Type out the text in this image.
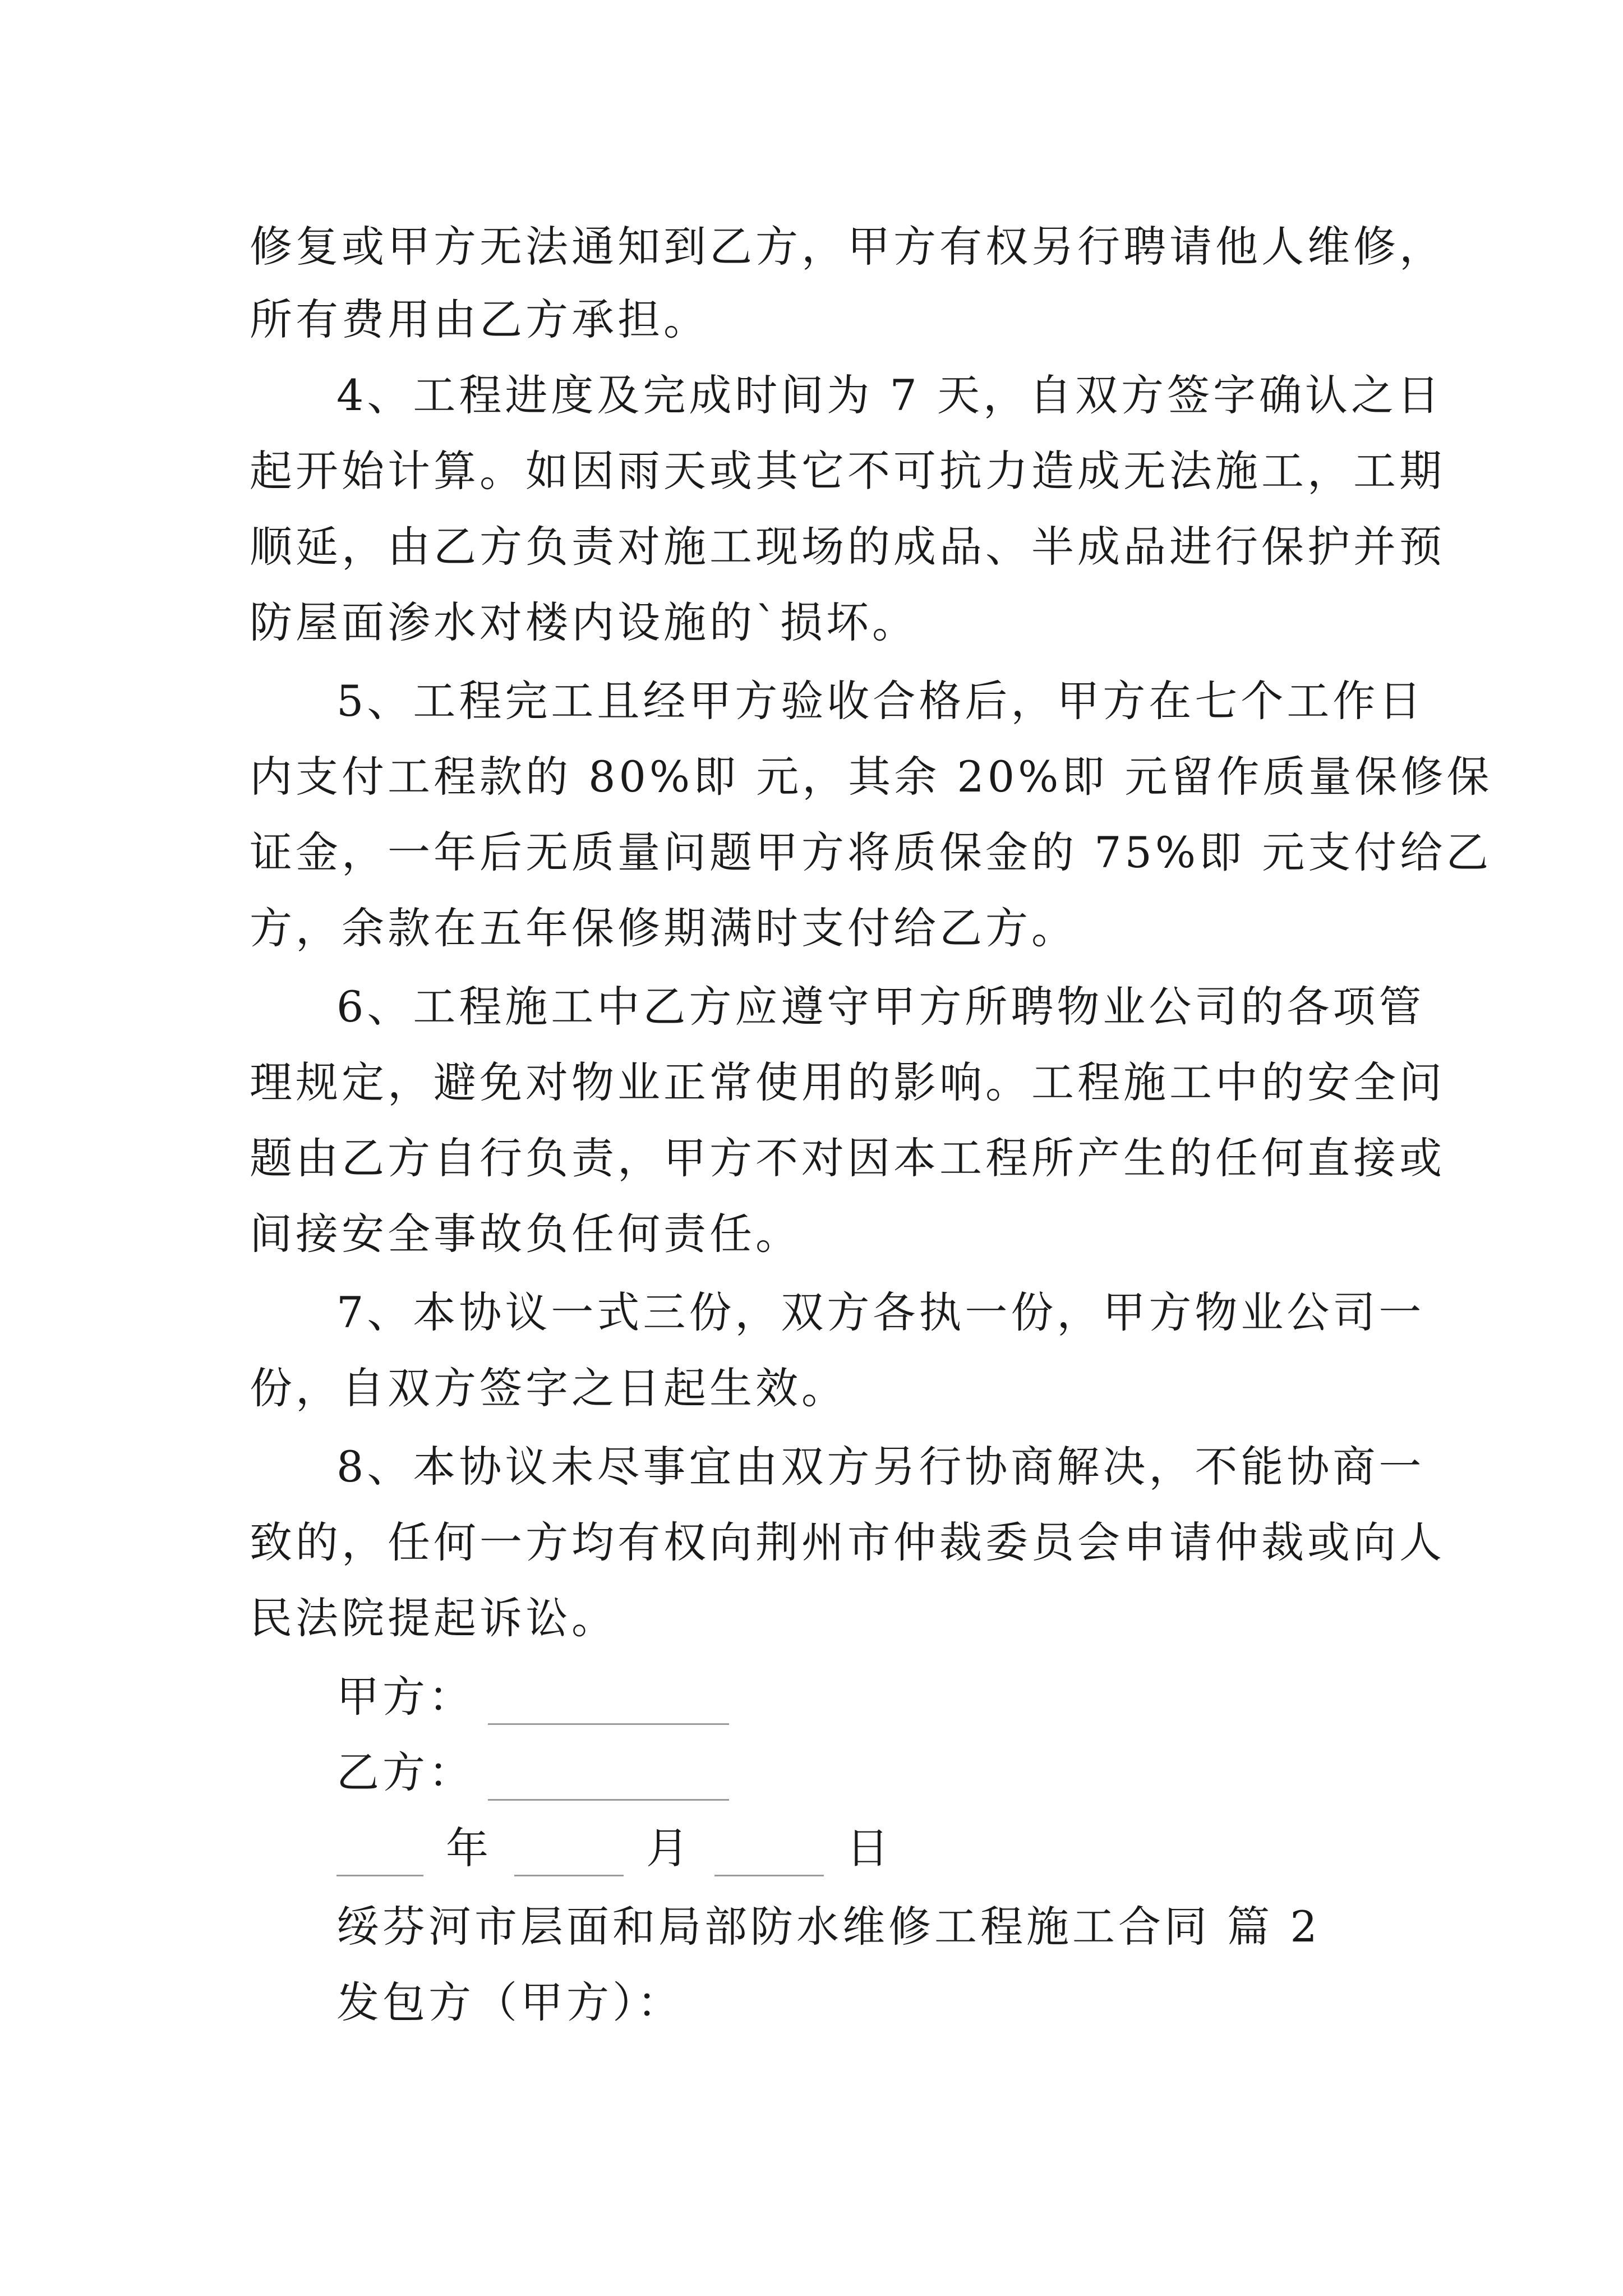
修复或甲方无法通知到乙方，甲方有权另行聘请他人维修，
所有费用由乙方承担。
4、工程进度及完成时间为 7 天，自双方签字确认之日
起开始计算。如因雨天或其它不可抗力造成无法施工，工期
顺延，由乙方负责对施工现场的成品、半成品进行保护并预
防屋面渗水对楼内设施的`损坏。
5、工程完工且经甲方验收合格后，甲方在七个工作日
内支付工程款的 80%即 元，其余 20%即 元留作质量保修保
证金，一年后无质量问题甲方将质保金的 75%即 元支付给乙
方，余款在五年保修期满时支付给乙方。
6、工程施工中乙方应遵守甲方所聘物业公司的各项管
理规定，避免对物业正常使用的影响。工程施工中的安全问
题由乙方自行负责，甲方不对因本工程所产生的任何直接或
间接安全事故负任何责任。
7、本协议一式三份，双方各执一份，甲方物业公司一
份，自双方签字之日起生效。
8、本协议未尽事宜由双方另行协商解决，不能协商一
致的，任何一方均有权向荆州市仲裁委员会申请仲裁或向人
民法院提起诉讼。
甲方：
乙方：
年	月	日
绥芬河市层面和局部防水维修工程施工合同 篇 2
发包方（甲方）：
